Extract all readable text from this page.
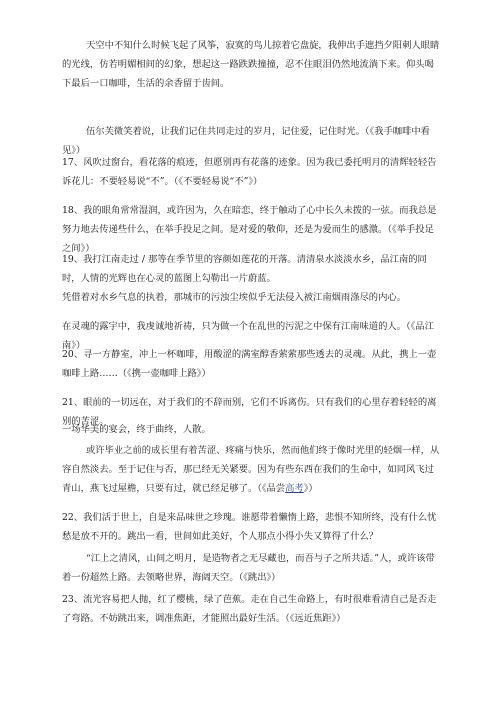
天空中不知什么时候飞起了风筝，寂寞的鸟儿掠着它盘旋，我伸出手遮挡夕阳刺人眼睛的光线，仿若明媚相间的幻象，想起这一路跌跌撞撞，忍不住眼泪仍然地流淌下来。仰头喝下最后一口咖啡，生活的余香留于齿间。

伍尔芙微笑着说，让我们记住共同走过的岁月，记住爱，记住时光。（《我手咖啡中看见》）

17、风吹过窗台，看花落的痕迹，但愿别再有花落的迹象。因为我已委托明月的清辉轻轻告诉花儿：不要轻易说“不”。（《不要轻易说“不”》）

18、我的眼角常常湿润，或许因为，久在暗恋，终于触动了心中长久未拨的一弦。而我总是努力地去传递些什么，在举手投足之间。是对爱的敬仰，还是为爱而生的感激。（《举手投足之间》）

19、我打江南走过 / 那等在季节里的容颜如莲花的开落。清清泉水淡淡水乡，品江南的同时，人情的光辉也在心灵的蓝图上勾勒出一片蔚蓝。

凭借着对水乡气息的执着，那城市的污浊尘埃似乎无法侵入被江南烟雨涤尽的内心。

在灵魂的露宇中，我虔诚地祈祷，只为做一个在乱世的污泥之中保有江南味道的人。（《品江南》）

20、寻一方静室，冲上一杯咖啡，用酸涩的满室醇香萦萦那些透去的灵魂。从此，携上一壶咖啡上路……（《携一壶咖啡上路》）

21、眼前的一切远在，对于我们的不辞而别，它们不诉离伤。只有我们的心里存着轻轻的离别的苦涩。

一场华美的宴会，终于曲终，人散。

或许毕业之前的成长里有着苦涩、疼痛与快乐，然而他们终于像时光里的轻烟一样，从容自然淡去。至于记住与否，那已经无关紧要。因为有些东西在我们的生命中，如同风飞过青山，燕飞过屋檐，只要有过，就已经足够了。（《品尝高考》）

22、我们活于世上，自是来品味世之珍瑰。谁愿带着懒惰上路，悲恨不知所终，没有什么忧愁是放不开的。跳出一看，世间如此美好，个人那点小得小失又算得了什么？

“江上之清风，山间之明月，是造物者之无尽藏也，而吾与子之所共适。”人，或许该带着一份超然上路。去领略世界，海阔天空。（《跳出》）

23、流光容易把人抛，红了樱桃，绿了芭蕉。走在自己生命路上，有时很难看清自己是否走了弯路。不妨跳出来，调准焦距，才能照出最好生活。（《远近焦距》）
